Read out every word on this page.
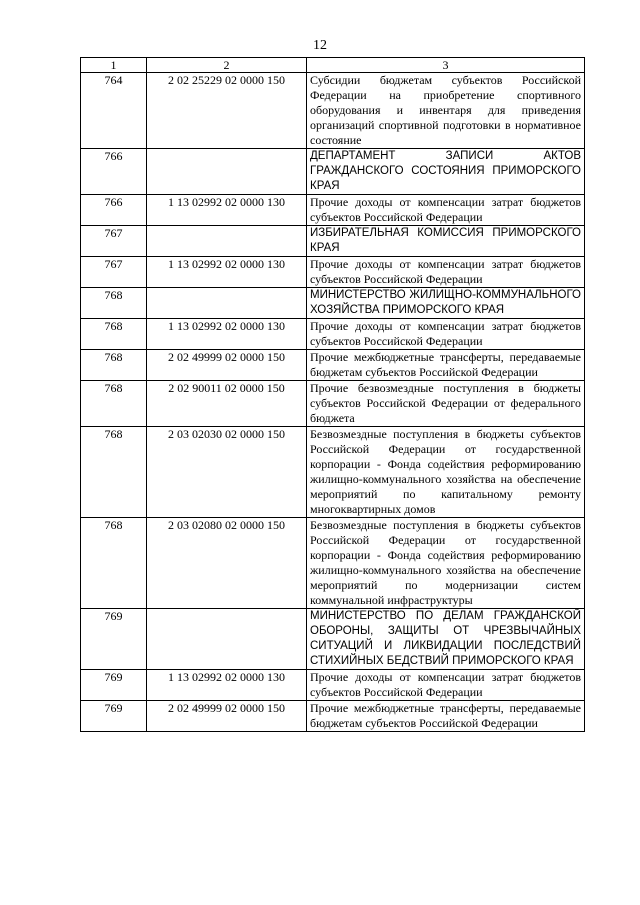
12
1	2	3
764	2 02 25229 02 0000 150	Субсидии бюджетам субъектов Российской Федерации на приобретение спортивного оборудования и инвентаря для приведения организаций спортивной подготовки в нормативное состояние
766		ДЕПАРТАМЕНТ ЗАПИСИ АКТОВ ГРАЖДАНСКОГО СОСТОЯНИЯ ПРИМОРСКОГО КРАЯ
766	1 13 02992 02 0000 130	Прочие доходы от компенсации затрат бюджетов субъектов Российской Федерации
767		ИЗБИРАТЕЛЬНАЯ КОМИССИЯ ПРИМОРСКОГО КРАЯ
767	1 13 02992 02 0000 130	Прочие доходы от компенсации затрат бюджетов субъектов Российской Федерации
768		МИНИСТЕРСТВО ЖИЛИЩНО-КОММУНАЛЬНОГО ХОЗЯЙСТВА ПРИМОРСКОГО КРАЯ
768	1 13 02992 02 0000 130	Прочие доходы от компенсации затрат бюджетов субъектов Российской Федерации
768	2 02 49999 02 0000 150	Прочие межбюджетные трансферты, передаваемые бюджетам субъектов Российской Федерации
768	2 02 90011 02 0000 150	Прочие безвозмездные поступления в бюджеты субъектов Российской Федерации от федерального бюджета
768	2 03 02030 02 0000 150	Безвозмездные поступления в бюджеты субъектов Российской Федерации от государственной корпорации - Фонда содействия реформированию жилищно-коммунального хозяйства на обеспечение мероприятий по капитальному ремонту многоквартирных домов
768	2 03 02080 02 0000 150	Безвозмездные поступления в бюджеты субъектов Российской Федерации от государственной корпорации - Фонда содействия реформированию жилищно-коммунального хозяйства на обеспечение мероприятий по модернизации систем коммунальной инфраструктуры
769		МИНИСТЕРСТВО ПО ДЕЛАМ ГРАЖДАНСКОЙ ОБОРОНЫ, ЗАЩИТЫ ОТ ЧРЕЗВЫЧАЙНЫХ СИТУАЦИЙ И ЛИКВИДАЦИИ ПОСЛЕДСТВИЙ СТИХИЙНЫХ БЕДСТВИЙ ПРИМОРСКОГО КРАЯ
769	1 13 02992 02 0000 130	Прочие доходы от компенсации затрат бюджетов субъектов Российской Федерации
769	2 02 49999 02 0000 150	Прочие межбюджетные трансферты, передаваемые бюджетам субъектов Российской Федерации
